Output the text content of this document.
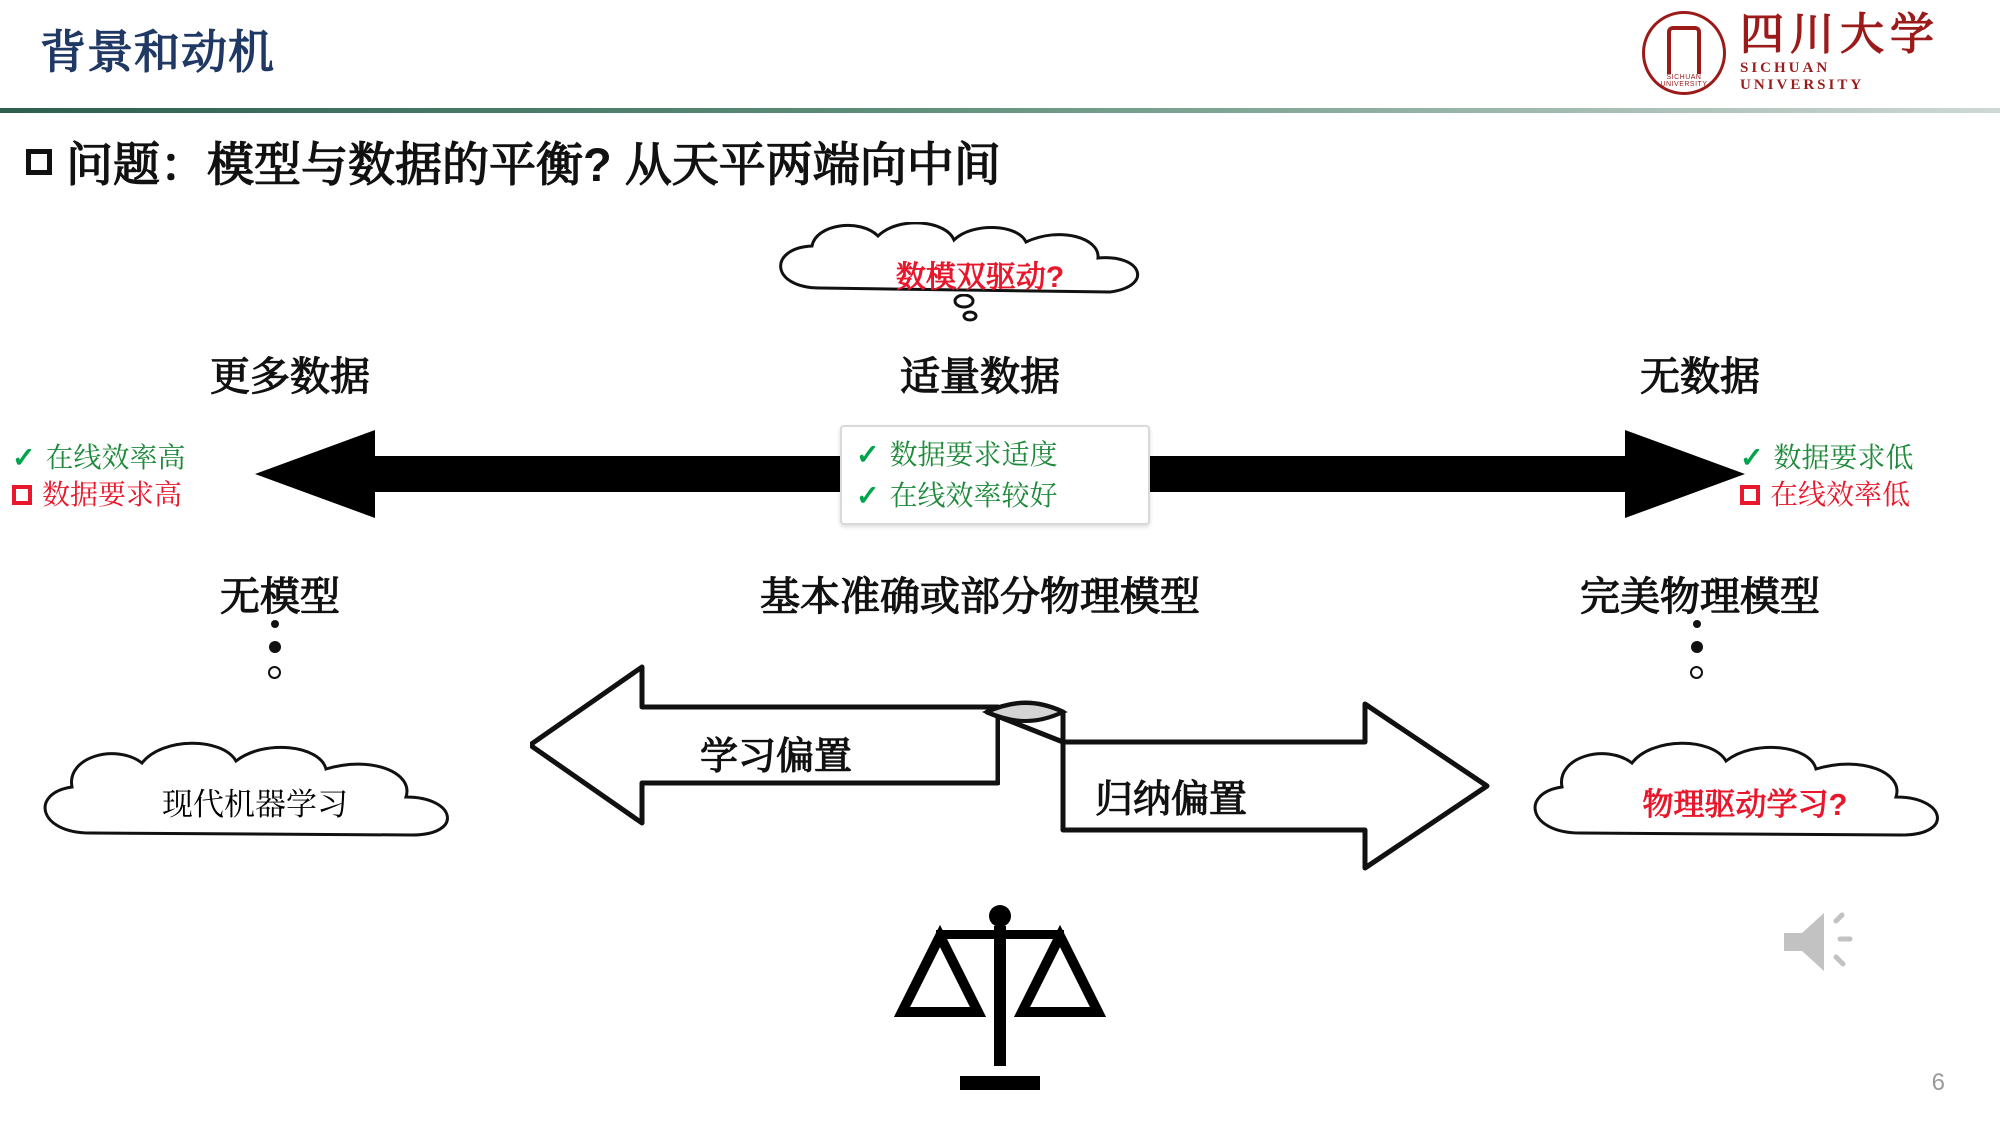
背景和动机	SICHUAN UNIVERSITY
四川大学
SICHUAN UNIVERSITY
问题：模型与数据的平衡? 从天平两端向中间
数模双驱动?
更多数据	适量数据	无数据
✓ 在线效率高
数据要求高
✓ 数据要求适度
✓ 在线效率较好
✓ 数据要求低
在线效率低
无模型	基本准确或部分物理模型	完美物理模型
现代机器学习	物理驱动学习?
学习偏置
归纳偏置
6
